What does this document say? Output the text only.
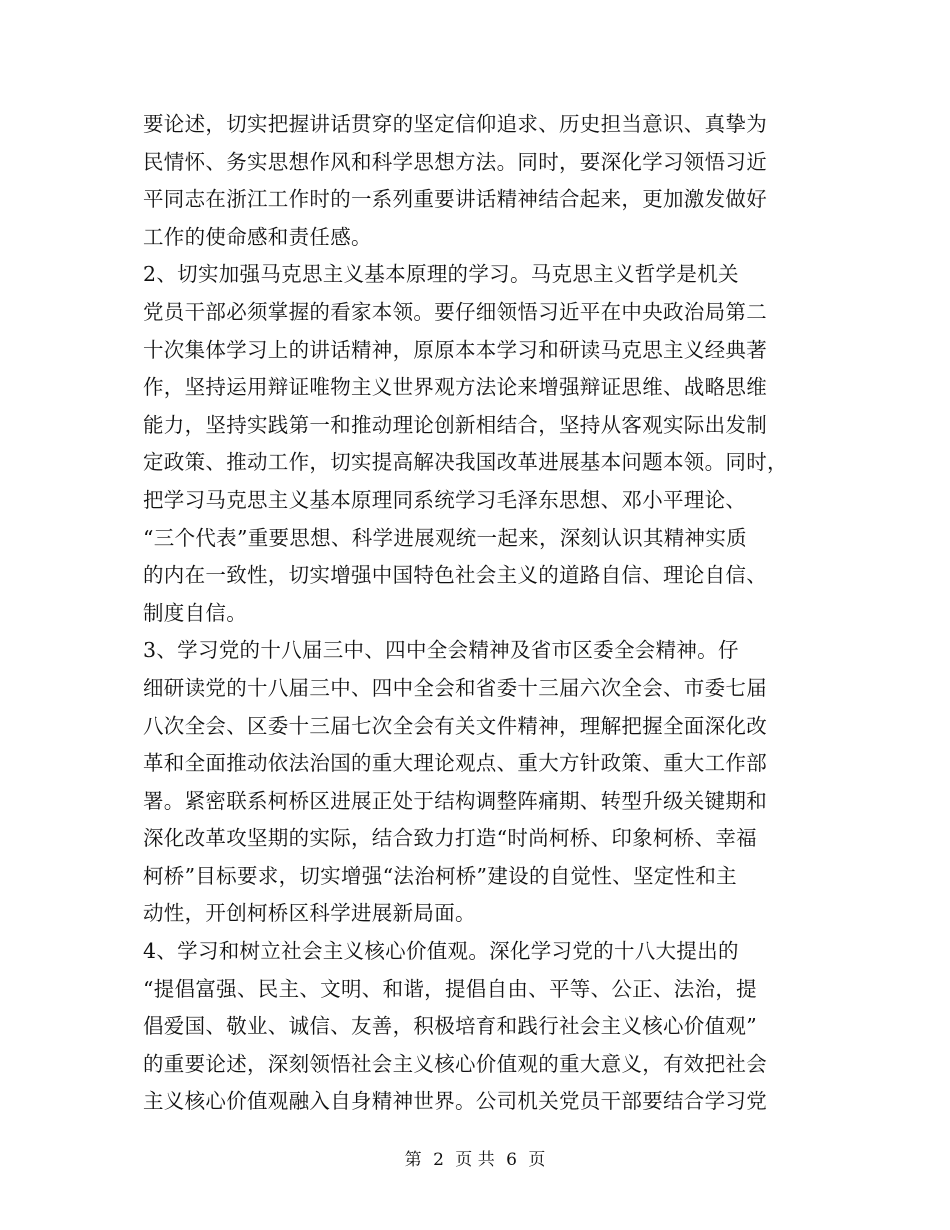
要论述，切实把握讲话贯穿的坚定信仰追求、历史担当意识、真挚为
民情怀、务实思想作风和科学思想方法。同时，要深化学习领悟习近
平同志在浙江工作时的一系列重要讲话精神结合起来，更加激发做好
工作的使命感和责任感。

2、切实加强马克思主义基本原理的学习。马克思主义哲学是机关
党员干部必须掌握的看家本领。要仔细领悟习近平在中央政治局第二
十次集体学习上的讲话精神，原原本本学习和研读马克思主义经典著
作，坚持运用辩证唯物主义世界观方法论来增强辩证思维、战略思维
能力，坚持实践第一和推动理论创新相结合，坚持从客观实际出发制
定政策、推动工作，切实提高解决我国改革进展基本问题本领。同时，
把学习马克思主义基本原理同系统学习毛泽东思想、邓小平理论、
“三个代表”重要思想、科学进展观统一起来，深刻认识其精神实质
的内在一致性，切实增强中国特色社会主义的道路自信、理论自信、
制度自信。

3、学习党的十八届三中、四中全会精神及省市区委全会精神。仔
细研读党的十八届三中、四中全会和省委十三届六次全会、市委七届
八次全会、区委十三届七次全会有关文件精神，理解把握全面深化改
革和全面推动依法治国的重大理论观点、重大方针政策、重大工作部
署。紧密联系柯桥区进展正处于结构调整阵痛期、转型升级关键期和
深化改革攻坚期的实际，结合致力打造“时尚柯桥、印象柯桥、幸福
柯桥”目标要求，切实增强“法治柯桥”建设的自觉性、坚定性和主
动性，开创柯桥区科学进展新局面。

4、学习和树立社会主义核心价值观。深化学习党的十八大提出的
“提倡富强、民主、文明、和谐，提倡自由、平等、公正、法治，提
倡爱国、敬业、诚信、友善，积极培育和践行社会主义核心价值观”
的重要论述，深刻领悟社会主义核心价值观的重大意义，有效把社会
主义核心价值观融入自身精神世界。公司机关党员干部要结合学习党

第 2 页 共 6 页
